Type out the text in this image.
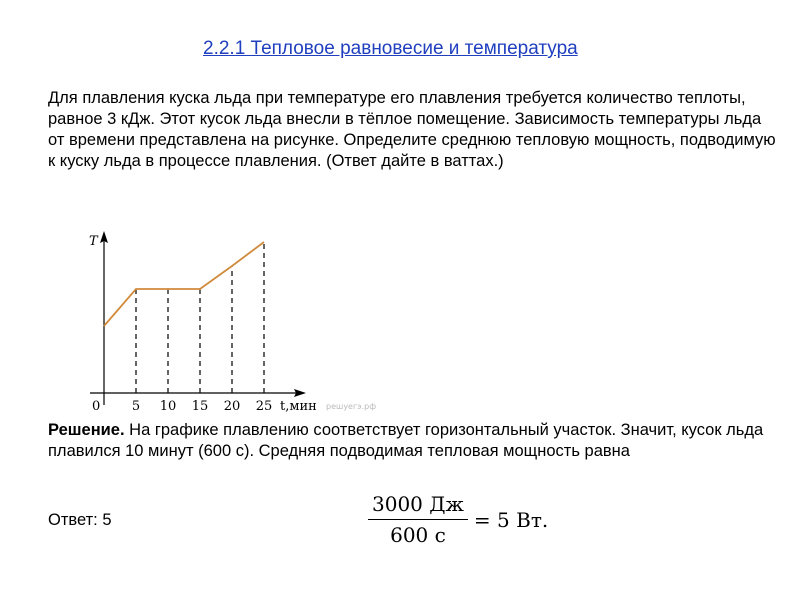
2.2.1 Тепловое равновесие и температура
Для плавления куска льда при температуре его плавления требуется количество теплоты, равное 3 кДж. Этот кусок льда внесли в тёплое помещение. Зависимость температуры льда от времени представлена на рисунке. Определите среднюю тепловую мощность, подводимую к куску льда в процессе плавления. (Ответ дайте в ваттах.)
T
0	t,мин решуегэ.рф
5 10 15 20 25
Решение. На графике плавлению соответствует горизонтальный участок. Значит, кусок льда плавился 10 минут (600 с). Средняя подводимая тепловая мощность равна
Ответ: 5	$\frac{3000 Дж}{600 с} = 5$ Вт.
